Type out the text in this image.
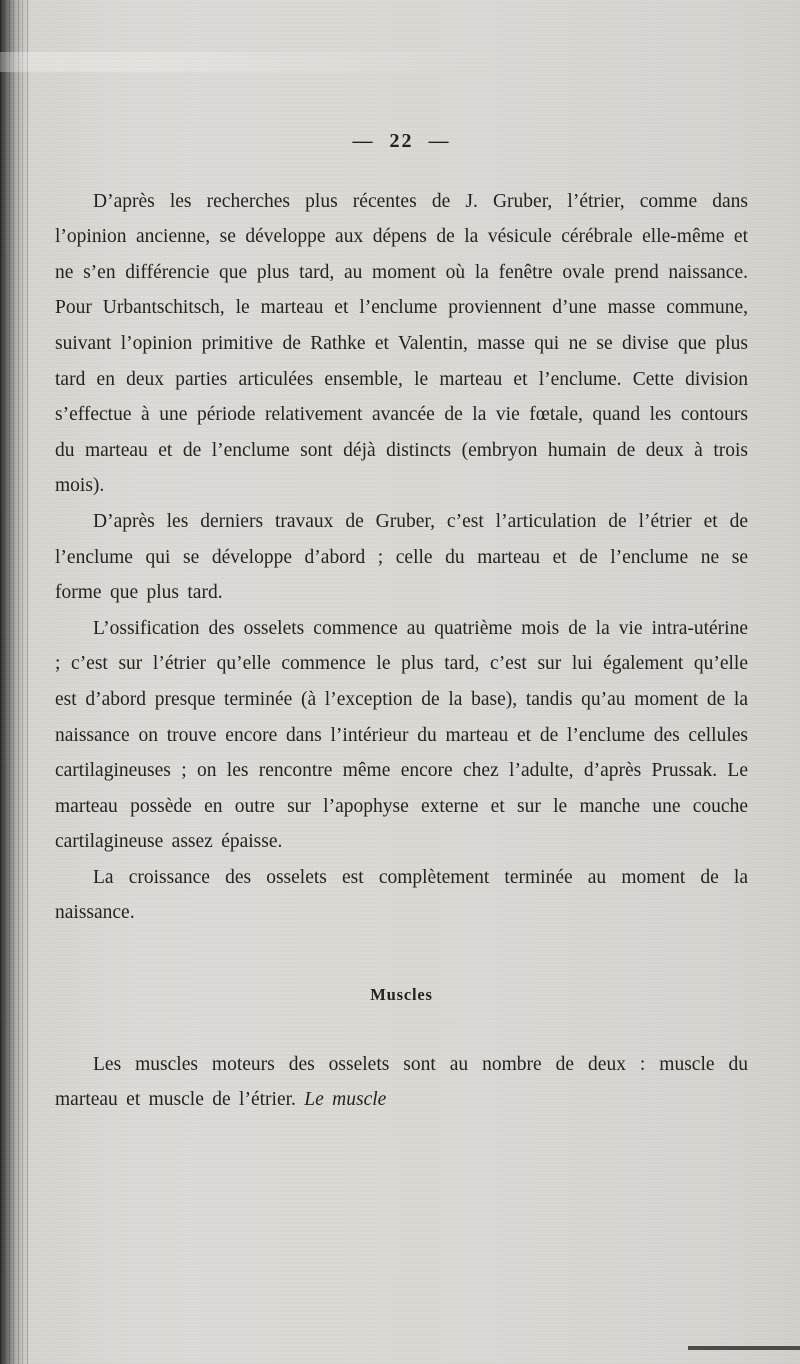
— 22 —

D’après les recherches plus récentes de J. Gruber, l’étrier, comme dans l’opinion ancienne, se développe aux dépens de la vésicule cérébrale elle-même et ne s’en différencie que plus tard, au moment où la fenêtre ovale prend naissance. Pour Urbantschitsch, le marteau et l’enclume proviennent d’une masse commune, suivant l’opinion primitive de Rathke et Valentin, masse qui ne se divise que plus tard en deux parties articulées ensemble, le marteau et l’enclume. Cette division s’effectue à une période relativement avancée de la vie fœtale, quand les contours du marteau et de l’enclume sont déjà distincts (embryon humain de deux à trois mois).

D’après les derniers travaux de Gruber, c’est l’articulation de l’étrier et de l’enclume qui se développe d’abord ; celle du marteau et de l’enclume ne se forme que plus tard.

L’ossification des osselets commence au quatrième mois de la vie intra-utérine ; c’est sur l’étrier qu’elle commence le plus tard, c’est sur lui également qu’elle est d’abord presque terminée (à l’exception de la base), tandis qu’au moment de la naissance on trouve encore dans l’intérieur du marteau et de l’enclume des cellules cartilagineuses ; on les rencontre même encore chez l’adulte, d’après Prussak. Le marteau possède en outre sur l’apophyse externe et sur le manche une couche cartilagineuse assez épaisse.

La croissance des osselets est complètement terminée au moment de la naissance.

Muscles

Les muscles moteurs des osselets sont au nombre de deux : muscle du marteau et muscle de l’étrier. Le muscle
